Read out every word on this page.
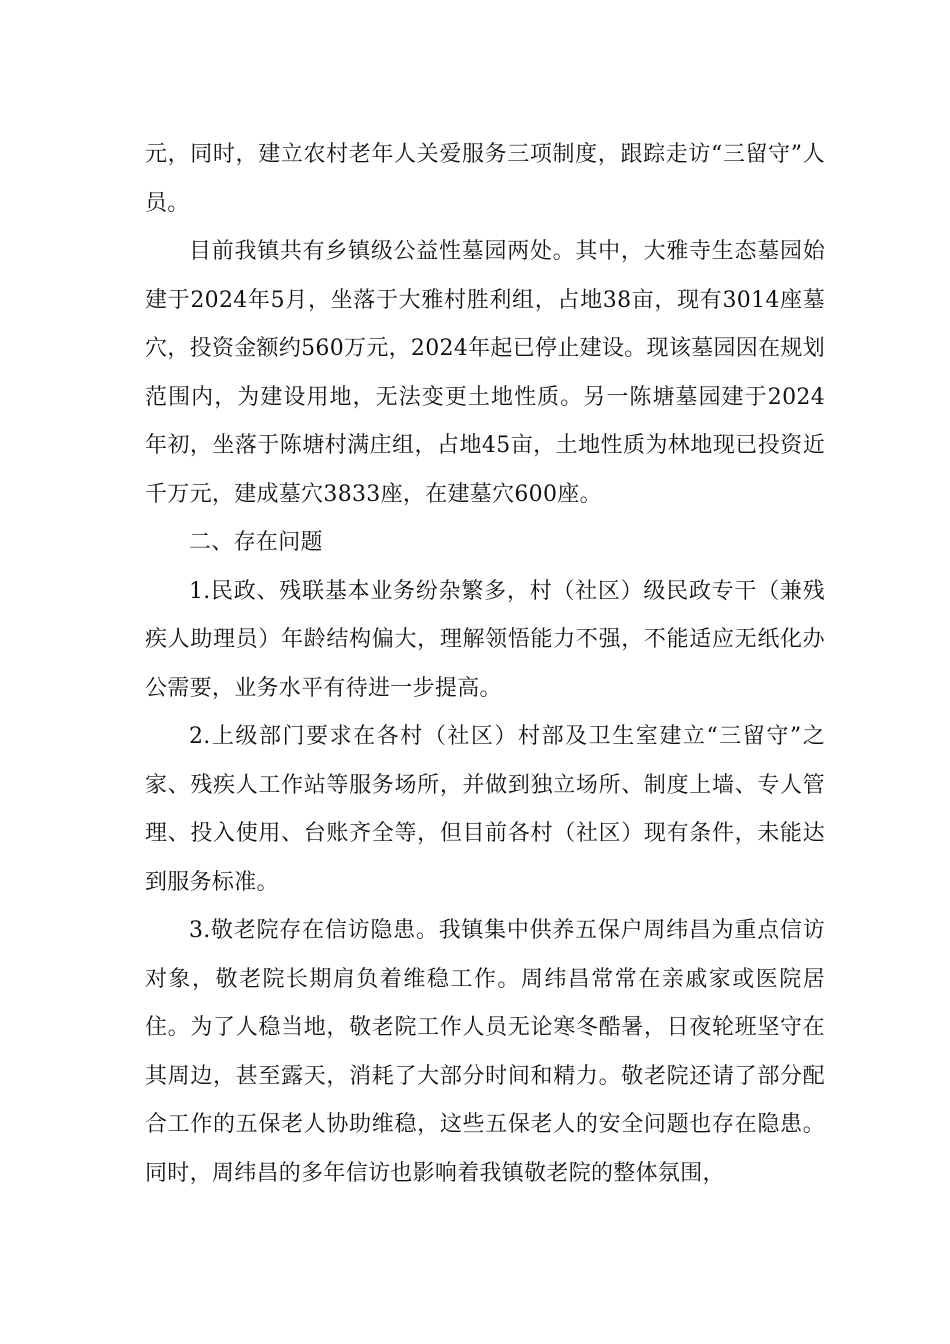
元，同时，建立农村老年人关爱服务三项制度，跟踪走访“三留守”人员。

目前我镇共有乡镇级公益性墓园两处。其中，大雅寺生态墓园始建于2024年5月，坐落于大雅村胜利组，占地38亩，现有3014座墓穴，投资金额约560万元，2024年起已停止建设。现该墓园因在规划范围内，为建设用地，无法变更土地性质。另一陈塘墓园建于2024年初，坐落于陈塘村满庄组，占地45亩，土地性质为林地现已投资近千万元，建成墓穴3833座，在建墓穴600座。

二、存在问题

1.民政、残联基本业务纷杂繁多，村（社区）级民政专干（兼残疾人助理员）年龄结构偏大，理解领悟能力不强，不能适应无纸化办公需要，业务水平有待进一步提高。

2.上级部门要求在各村（社区）村部及卫生室建立“三留守”之家、残疾人工作站等服务场所，并做到独立场所、制度上墙、专人管理、投入使用、台账齐全等，但目前各村（社区）现有条件，未能达到服务标准。

3.敬老院存在信访隐患。我镇集中供养五保户周纬昌为重点信访对象，敬老院长期肩负着维稳工作。周纬昌常常在亲戚家或医院居住。为了人稳当地，敬老院工作人员无论寒冬酷暑，日夜轮班坚守在其周边，甚至露天，消耗了大部分时间和精力。敬老院还请了部分配合工作的五保老人协助维稳，这些五保老人的安全问题也存在隐患。同时，周纬昌的多年信访也影响着我镇敬老院的整体氛围，
